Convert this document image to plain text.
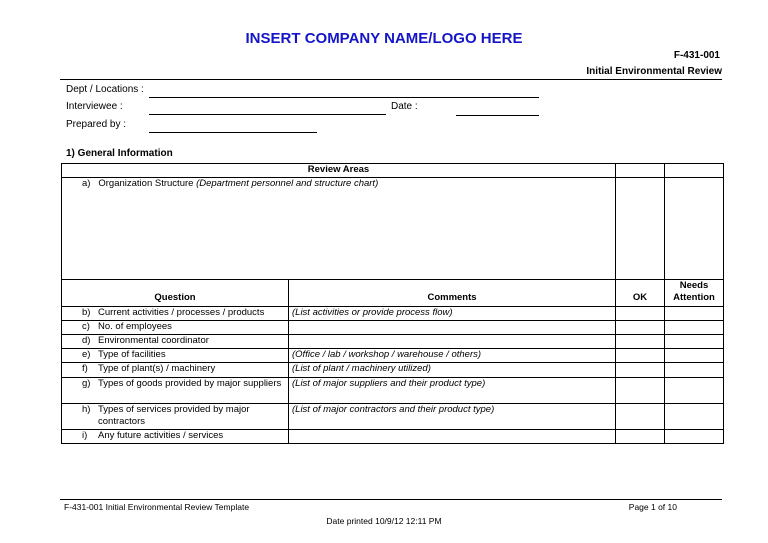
INSERT COMPANY NAME/LOGO HERE
F-431-001
Initial Environmental Review
Dept / Locations :
Interviewee :	Date :
Prepared by :
1) General Information
Review Areas			
a) Organization Structure (Department personnel and structure chart)			
Question	Comments	OK	Needs Attention

b) Current activities / processes / products	(List activities or provide process flow)		

c) No. of employees			

d) Environmental coordinator			

e) Type of facilities	(Office / lab / workshop / warehouse / others)		

f) Type of plant(s) / machinery	(List of plant / machinery utilized)		

g) Types of goods provided by major suppliers	(List of major suppliers and their product type)		

h) Types of services provided by major contractors	(List of major contractors and their product type)		

i) Any future activities / services			

F-431-001 Initial Environmental Review Template	Page 1 of 10
Date printed 10/9/12 12:11 PM
